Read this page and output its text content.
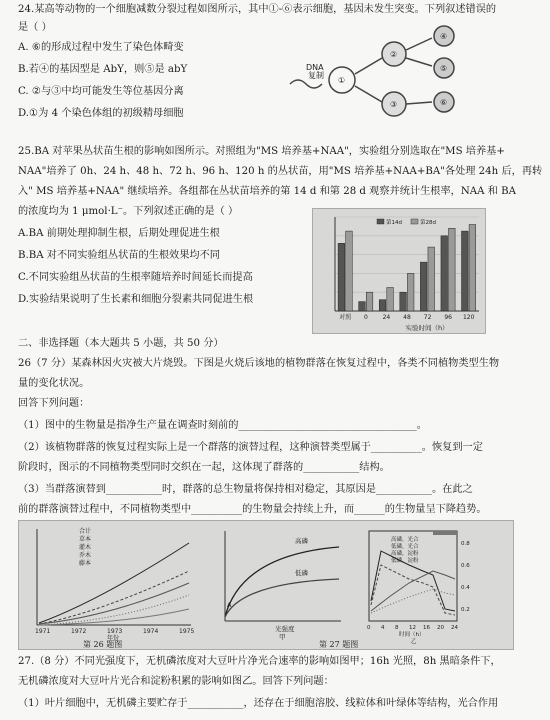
24.某高等动物的一个细胞减数分裂过程如图所示，其中①-⑥表示细胞，基因未发生突变。下列叙述错误的
是（ ）
A. ⑥的形成过程中发生了染色体畸变
B.若④的基因型是 AbY，则⑤是 abY
C. ②与③中均可能发生等位基因分离
D.①为 4 个染色体组的初级精母细胞
DNA
复制
①
②
③
④
⑤
⑥
25.BA 对苹果丛状苗生根的影响如图所示。对照组为"MS 培养基+NAA"，实验组分别选取在"MS 培养基+
NAA"培养了 0h、24 h、48 h、72 h、96 h、120 h 的丛状苗，用"MS 培养基+NAA+BA"各处理 24h 后，再转
入" MS 培养基+NAA" 继续培养。各组都在丛状苗培养的第 14 d 和第 28 d 观察并统计生根率，NAA 和 BA
的浓度均为 1 μmol·L⁻。下列叙述正确的是（ ）
A.BA 前期处理抑制生根，后期处理促进生根
B.BA 对不同实验组丛状苗的生根效果均不同
C.不同实验组丛状苗的生根率随培养时间延长而提高
D.实验结果说明了生长素和细胞分裂素共同促进生根
对照 0 24 48 72 96 120
第14d	第28d
实验时间（h）
二、非选择题（本大题共 5 小题，共 50 分）
26（7 分）某森林因火灾被大片烧毁。下图是火烧后该地的植物群落在恢复过程中，各类不同植物类型生物
量的变化状况。
回答下列问题：
（1）图中的生物量是指净生产量在调查时刻前的___________________________________。
（2）该植物群落的恢复过程实际上是一个群落的演替过程，这种演替类型属于__________。恢复到一定
阶段时，图示的不同植物类型同时交织在一起，这体现了群落的___________结构。
（3）当群落演替到___________时，群落的总生物量将保持相对稳定，其原因是___________。在此之
前的群落演替过程中，不同植物类型中__________的生物量会持续上升，而______的生物量呈下降趋势。
合计
草本
灌木
乔木
藤本
1971	1972	1973	1974	1975
年份
第 26 题图
高磷
低磷
A
光强度
甲
高磷，光合
低磷，光合
高磷，淀粉
低磷，淀粉
0 4 8 12 16 20 24
0.8
0.6
0.4
0.2
时间（h）
乙
第 27 题图
27.（8 分）不同光强度下，无机磷浓度对大豆叶片净光合速率的影响如图甲；16h 光照，8h 黑暗条件下，
无机磷浓度对大豆叶片光合和淀粉积累的影响如图乙。回答下列问题：
（1）叶片细胞中，无机磷主要贮存于___________，还存在于细胞溶胶、线粒体和叶绿体等结构，光合作用
